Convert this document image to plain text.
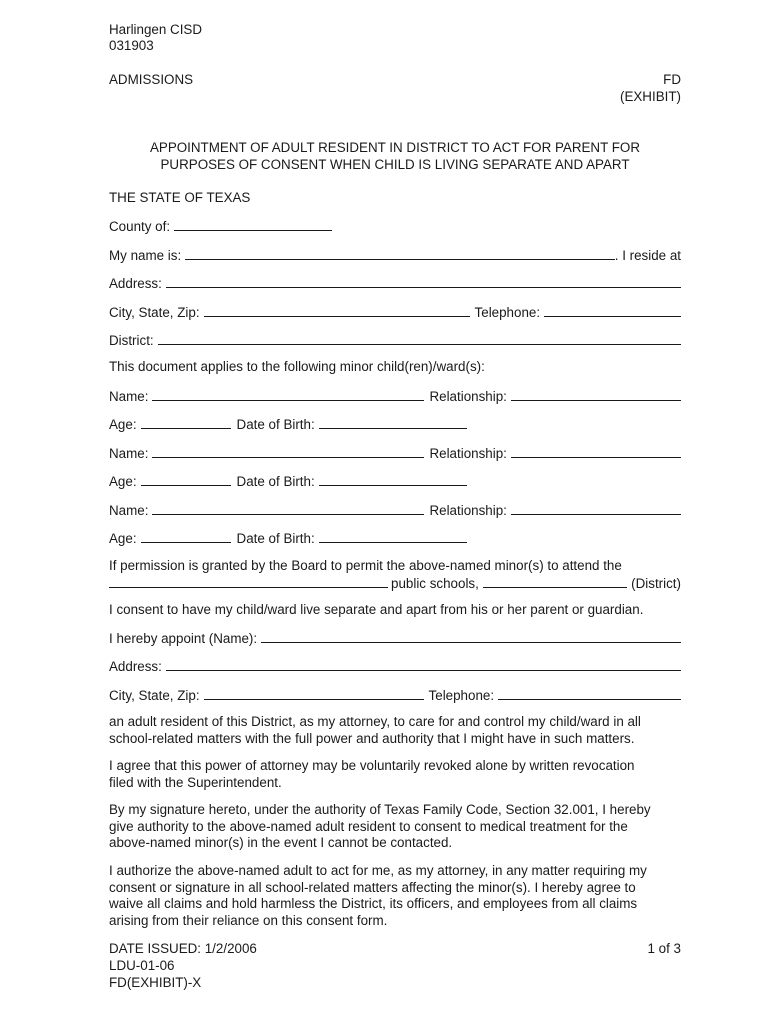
Harlingen CISD
031903
ADMISSIONS	FD
(EXHIBIT)
APPOINTMENT OF ADULT RESIDENT IN DISTRICT TO ACT FOR PARENT FOR
PURPOSES OF CONSENT WHEN CHILD IS LIVING SEPARATE AND APART
THE STATE OF TEXAS
County of:
My name is:	. I reside at
Address:
City, State, Zip:	Telephone:
District:
This document applies to the following minor child(ren)/ward(s):
Name:	Relationship:
Age:	Date of Birth:
Name:	Relationship:
Age:	Date of Birth:
Name:	Relationship:
Age:	Date of Birth:
If permission is granted by the Board to permit the above-named minor(s) to attend the
public schools,	(District)
I consent to have my child/ward live separate and apart from his or her parent or guardian.
I hereby appoint (Name):
Address:
City, State, Zip:	Telephone:
an adult resident of this District, as my attorney, to care for and control my child/ward in all
school-related matters with the full power and authority that I might have in such matters.
I agree that this power of attorney may be voluntarily revoked alone by written revocation
filed with the Superintendent.
By my signature hereto, under the authority of Texas Family Code, Section 32.001, I hereby
give authority to the above-named adult resident to consent to medical treatment for the
above-named minor(s) in the event I cannot be contacted.
I authorize the above-named adult to act for me, as my attorney, in any matter requiring my
consent or signature in all school-related matters affecting the minor(s). I hereby agree to
waive all claims and hold harmless the District, its officers, and employees from all claims
arising from their reliance on this consent form.
DATE ISSUED: 1/2/2006	1 of 3
LDU-01-06
FD(EXHIBIT)-X
